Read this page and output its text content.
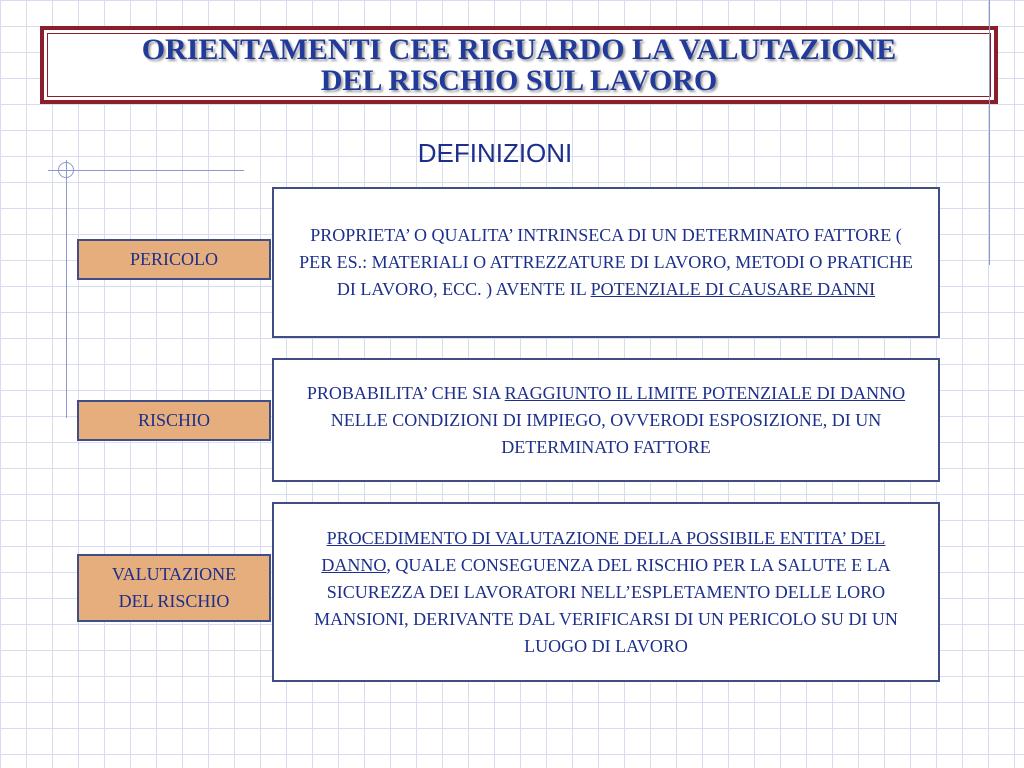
ORIENTAMENTI CEE RIGUARDO LA VALUTAZIONE
DEL RISCHIO SUL LAVORO
DEFINIZIONI
PERICOLO
PROPRIETA’ O QUALITA’ INTRINSECA DI UN DETERMINATO FATTORE ( PER ES.: MATERIALI O ATTREZZATURE DI LAVORO, METODI O PRATICHE DI LAVORO, ECC. ) AVENTE IL POTENZIALE DI CAUSARE DANNI
RISCHIO
PROBABILITA’ CHE SIA RAGGIUNTO IL LIMITE POTENZIALE DI DANNO NELLE CONDIZIONI DI IMPIEGO, OVVERODI ESPOSIZIONE, DI UN DETERMINATO FATTORE
VALUTAZIONE
DEL RISCHIO
PROCEDIMENTO DI VALUTAZIONE DELLA POSSIBILE ENTITA’ DEL DANNO, QUALE CONSEGUENZA DEL RISCHIO PER LA SALUTE E LA SICUREZZA DEI LAVORATORI NELL’ESPLETAMENTO DELLE LORO MANSIONI, DERIVANTE DAL VERIFICARSI DI UN PERICOLO SU DI UN LUOGO DI LAVORO
